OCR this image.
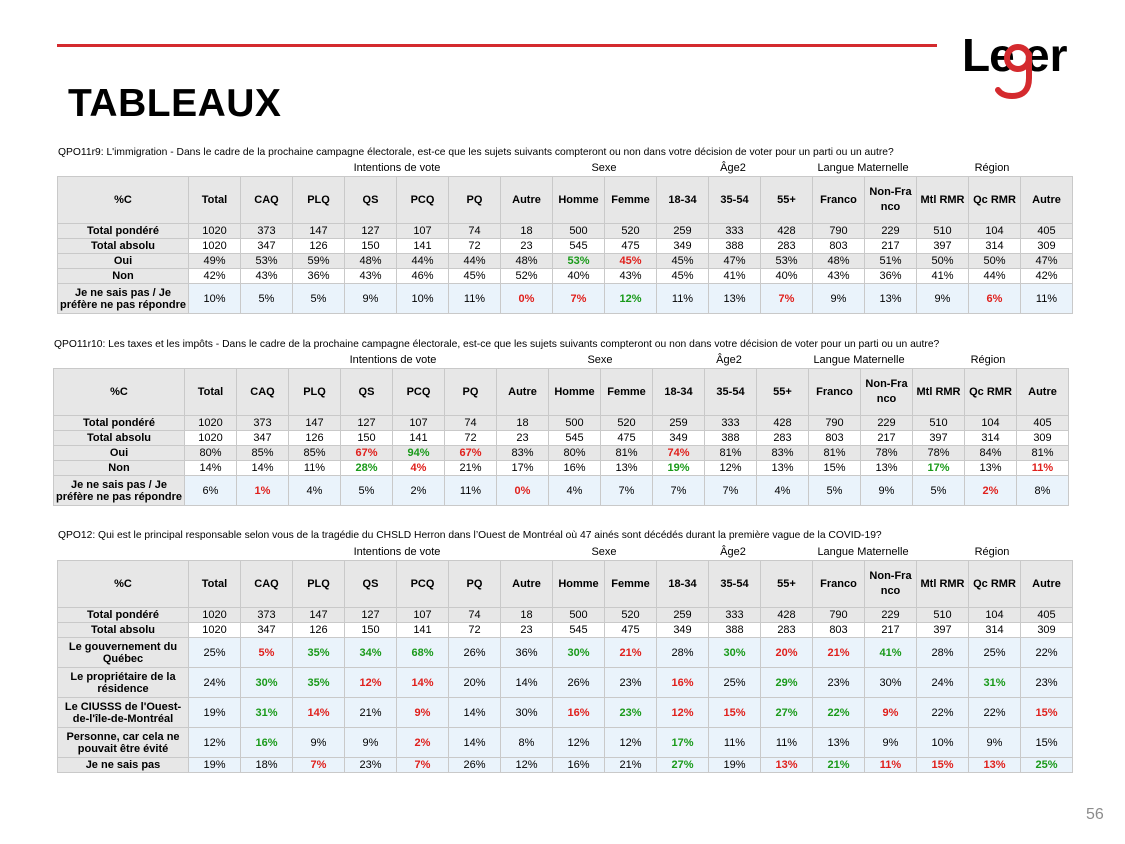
Le er
TABLEAUX
56
QPO11r9: L'immigration - Dans le cadre de la prochaine campagne électorale, est-ce que les sujets suivants compteront ou non dans votre décision de voter pour un parti ou un autre?
Intentions de vote	Sexe	Âge2	Langue Maternelle	Région
%C	Total	CAQ	PLQ	QS	PCQ	PQ	Autre	Homme	Femme	18-34	35-54	55+	Franco	Non-Franco	Mtl RMR	Qc RMR	Autre
Total pondéré	1020	373	147	127	107	74	18	500	520	259	333	428	790	229	510	104	405
Total absolu	1020	347	126	150	141	72	23	545	475	349	388	283	803	217	397	314	309
Oui	49%	53%	59%	48%	44%	44%	48%	53%	45%	45%	47%	53%	48%	51%	50%	50%	47%
Non	42%	43%	36%	43%	46%	45%	52%	40%	43%	45%	41%	40%	43%	36%	41%	44%	42%
Je ne sais pas / Je préfère ne pas répondre	10%	5%	5%	9%	10%	11%	0%	7%	12%	11%	13%	7%	9%	13%	9%	6%	11%
QPO11r10: Les taxes et les impôts - Dans le cadre de la prochaine campagne électorale, est-ce que les sujets suivants compteront ou non dans votre décision de voter pour un parti ou un autre?
Intentions de vote	Sexe	Âge2	Langue Maternelle	Région
%C	Total	CAQ	PLQ	QS	PCQ	PQ	Autre	Homme	Femme	18-34	35-54	55+	Franco	Non-Franco	Mtl RMR	Qc RMR	Autre
Total pondéré	1020	373	147	127	107	74	18	500	520	259	333	428	790	229	510	104	405
Total absolu	1020	347	126	150	141	72	23	545	475	349	388	283	803	217	397	314	309
Oui	80%	85%	85%	67%	94%	67%	83%	80%	81%	74%	81%	83%	81%	78%	78%	84%	81%
Non	14%	14%	11%	28%	4%	21%	17%	16%	13%	19%	12%	13%	15%	13%	17%	13%	11%
Je ne sais pas / Je préfère ne pas répondre	6%	1%	4%	5%	2%	11%	0%	4%	7%	7%	7%	4%	5%	9%	5%	2%	8%
QPO12: Qui est le principal responsable selon vous de la tragédie du CHSLD Herron dans l’Ouest de Montréal où 47 ainés sont décédés durant la première vague de la COVID-19?
Intentions de vote	Sexe	Âge2	Langue Maternelle	Région
%C	Total	CAQ	PLQ	QS	PCQ	PQ	Autre	Homme	Femme	18-34	35-54	55+	Franco	Non-Franco	Mtl RMR	Qc RMR	Autre
Total pondéré	1020	373	147	127	107	74	18	500	520	259	333	428	790	229	510	104	405
Total absolu	1020	347	126	150	141	72	23	545	475	349	388	283	803	217	397	314	309
Le gouvernement du Québec	25%	5%	35%	34%	68%	26%	36%	30%	21%	28%	30%	20%	21%	41%	28%	25%	22%
Le propriétaire de la résidence	24%	30%	35%	12%	14%	20%	14%	26%	23%	16%	25%	29%	23%	30%	24%	31%	23%
Le CIUSSS de l'Ouest-de-l'île-de-Montréal	19%	31%	14%	21%	9%	14%	30%	16%	23%	12%	15%	27%	22%	9%	22%	22%	15%
Personne, car cela ne pouvait être évité	12%	16%	9%	9%	2%	14%	8%	12%	12%	17%	11%	11%	13%	9%	10%	9%	15%
Je ne sais pas	19%	18%	7%	23%	7%	26%	12%	16%	21%	27%	19%	13%	21%	11%	15%	13%	25%
